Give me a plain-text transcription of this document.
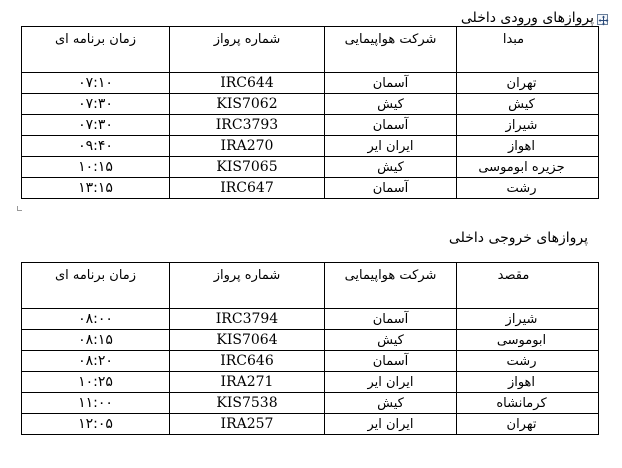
پروازهای ورودی داخلی
مبدا	شرکت هواپیمایی	شماره پرواز	زمان برنامه ای
تهران	آسمان	IRC644	۰۷:۱۰
کیش	کیش	KIS7062	۰۷:۳۰
شیراز	آسمان	IRC3793	۰۷:۳۰
اهواز	ایران ایر	IRA270	۰۹:۴۰
جزیره ابوموسی	کیش	KIS7065	۱۰:۱۵
رشت	آسمان	IRC647	۱۳:۱۵
پروازهای خروجی داخلی
مقصد	شرکت هواپیمایی	شماره پرواز	زمان برنامه ای
شیراز	آسمان	IRC3794	۰۸:۰۰
ابوموسی	کیش	KIS7064	۰۸:۱۵
رشت	آسمان	IRC646	۰۸:۲۰
اهواز	ایران ایر	IRA271	۱۰:۲۵
کرمانشاه	کیش	KIS7538	۱۱:۰۰
تهران	ایران ایر	IRA257	۱۲:۰۵
